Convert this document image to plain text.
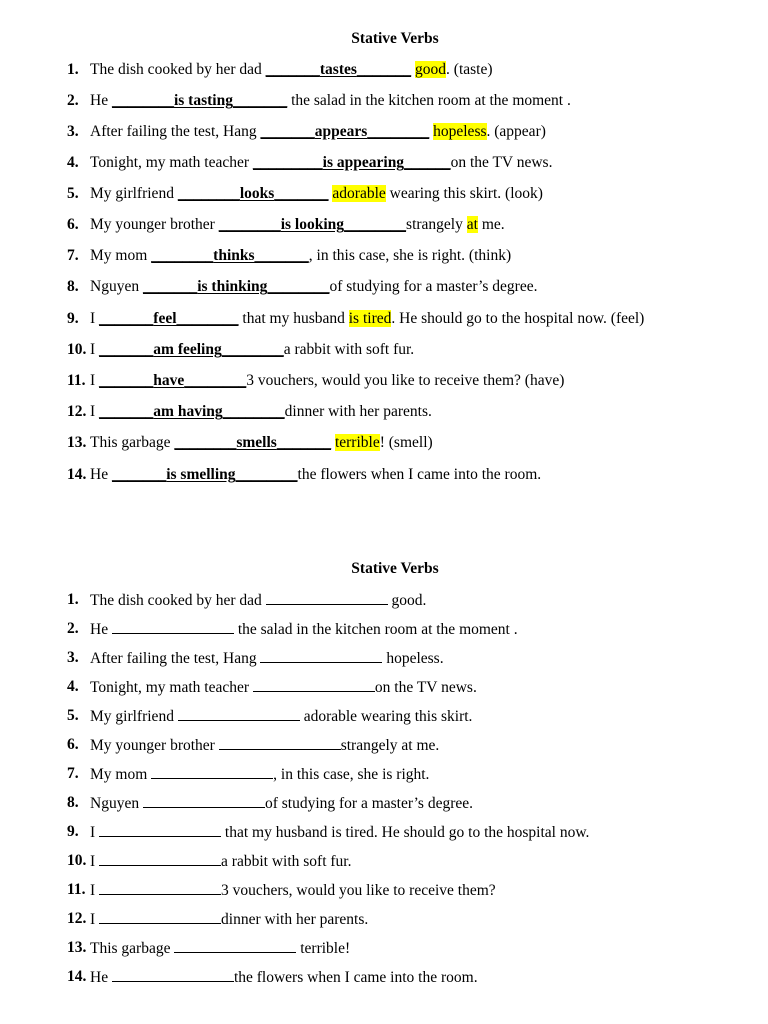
Stative Verbs
1. The dish cooked by her dad _______tastes_______ good. (taste)
2. He ________is tasting_______ the salad in the kitchen room at the moment .
3. After failing the test, Hang _______appears________ hopeless. (appear)
4. Tonight, my math teacher _________is appearing______on the TV news.
5. My girlfriend ________looks_______ adorable wearing this skirt. (look)
6. My younger brother ________is looking________strangely at me.
7. My mom ________thinks_______, in this case, she is right. (think)
8. Nguyen _______is thinking________of studying for a master’s degree.
9. I _______feel________ that my husband is tired. He should go to the hospital now. (feel)
10. I _______am feeling________a rabbit with soft fur.
11. I _______have________3 vouchers, would you like to receive them? (have)
12. I _______am having________dinner with her parents.
13. This garbage ________smells_______ terrible! (smell)
14. He _______is smelling________the flowers when I came into the room.
Stative Verbs
1. The dish cooked by her dad	good.
2. He	the salad in the kitchen room at the moment .
3. After failing the test, Hang	hopeless.
4. Tonight, my math teacher	on the TV news.
5. My girlfriend	adorable wearing this skirt.
6. My younger brother	strangely at me.
7. My mom	, in this case, she is right.
8. Nguyen	of studying for a master’s degree.
9. I	that my husband is tired. He should go to the hospital now.
10. I	a rabbit with soft fur.
11. I	3 vouchers, would you like to receive them?
12. I	dinner with her parents.
13. This garbage	terrible!
14. He	the flowers when I came into the room.
